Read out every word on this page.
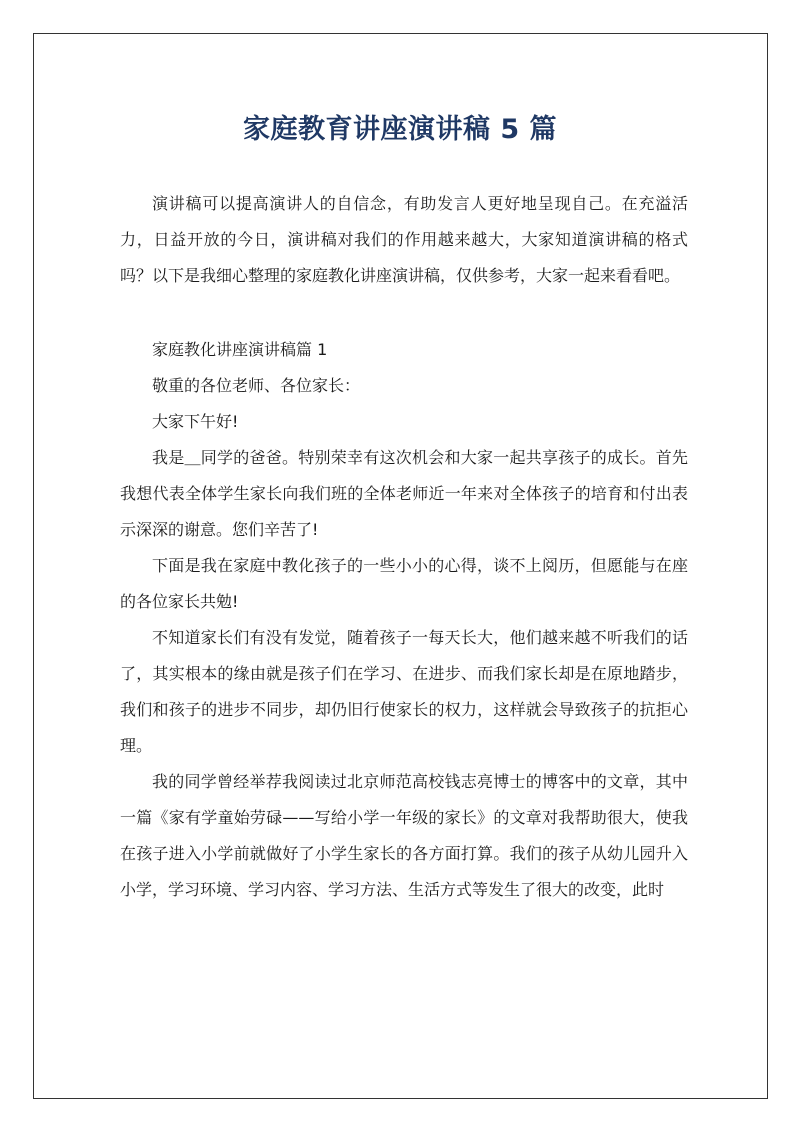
家庭教育讲座演讲稿 5 篇

演讲稿可以提高演讲人的自信念，有助发言人更好地呈现自己。在充溢活力，日益开放的今日，演讲稿对我们的作用越来越大，大家知道演讲稿的格式吗？以下是我细心整理的家庭教化讲座演讲稿，仅供参考，大家一起来看看吧。

家庭教化讲座演讲稿篇 1

敬重的各位老师、各位家长：

大家下午好!

我是＿同学的爸爸。特别荣幸有这次机会和大家一起共享孩子的成长。首先我想代表全体学生家长向我们班的全体老师近一年来对全体孩子的培育和付出表示深深的谢意。您们辛苦了!

下面是我在家庭中教化孩子的一些小小的心得，谈不上阅历，但愿能与在座的各位家长共勉!

不知道家长们有没有发觉，随着孩子一每天长大，他们越来越不听我们的话了，其实根本的缘由就是孩子们在学习、在进步、而我们家长却是在原地踏步，我们和孩子的进步不同步，却仍旧行使家长的权力，这样就会导致孩子的抗拒心理。

我的同学曾经举荐我阅读过北京师范高校钱志亮博士的博客中的文章，其中一篇《家有学童始劳碌——写给小学一年级的家长》的文章对我帮助很大，使我在孩子进入小学前就做好了小学生家长的各方面打算。我们的孩子从幼儿园升入小学，学习环境、学习内容、学习方法、生活方式等发生了很大的改变，此时
